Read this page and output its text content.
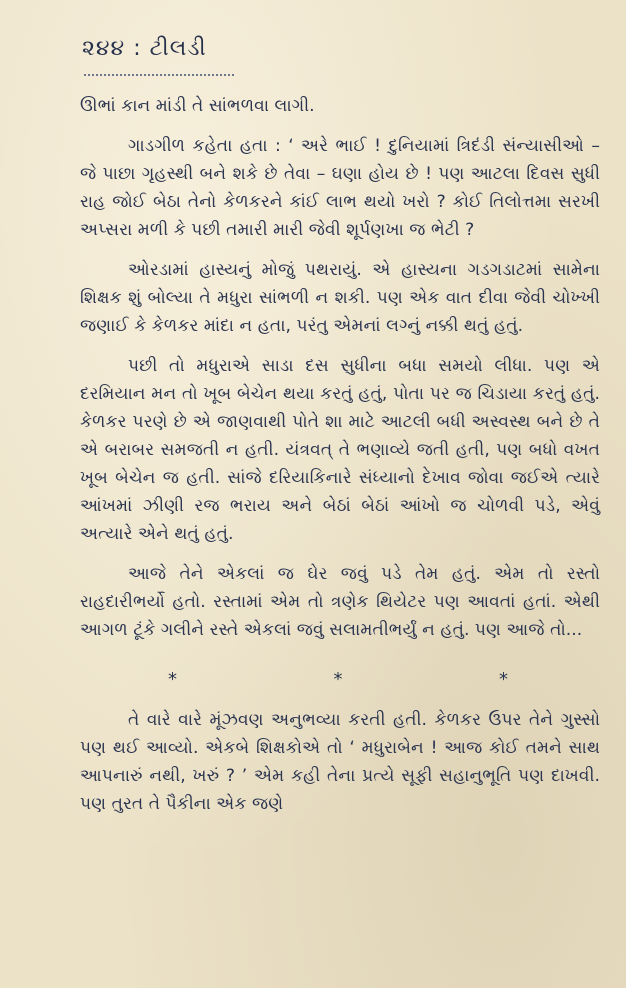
૨૪૪ : ટીલડી

ઊભાં કાન માંડી તે સાંભળવા લાગી.

ગાડગીળ કહેતા હતા : ‘ અરે ભાઈ ! દુનિયામાં ત્રિદંડી સંન્યાસીઓ – જે પાછા ગૃહસ્થી બને શકે છે તેવા – ઘણા હોય છે ! પણ આટલા દિવસ સુધી રાહ જોઈ બેઠા તેનો કેળકરને કાંઈ લાભ થયો ખરો ? કોઈ તિલોત્તમા સરખી અપ્સરા મળી કે પછી તમારી મારી જેવી શૂર્પણખા જ ભેટી ?

ઓરડામાં હાસ્યનું મોજું પથરાયું. એ હાસ્યના ગડગડાટમાં સામેના શિક્ષક શું બોલ્યા તે મધુરા સાંભળી ન શકી. પણ એક વાત દીવા જેવી ચોખ્ખી જણાઈ કે કેળકર માંદા ન હતા, પરંતુ એમનાં લગ્નું નક્કી થતું હતું.

પછી તો મધુરાએ સાડા દસ સુધીના બધા સમયો લીધા. પણ એ દરમિયાન મન તો ખૂબ બેચેન થયા કરતું હતું, પોતા પર જ ચિડાયા કરતું હતું. કેળકર પરણે છે એ જાણવાથી પોતે શા માટે આટલી બધી અસ્વસ્થ બને છે તે એ બરાબર સમજતી ન હતી. યંત્રવત્ તે ભણાવ્યે જતી હતી, પણ બધો વખત ખૂબ બેચેન જ હતી. સાંજે દરિયાકિનારે સંધ્યાનો દેખાવ જોવા જઈએ ત્યારે આંખમાં ઝીણી રજ ભરાય અને બેઠાં બેઠાં આંખો જ ચોળવી પડે, એવું અત્યારે એને થતું હતું.

આજે તેને એકલાં જ ઘેર જવું પડે તેમ હતું. એમ તો રસ્તો રાહદારીભર્યો હતો. રસ્તામાં એમ તો ત્રણેક થિયેટર પણ આવતાં હતાં. એથી આગળ ટૂંકે ગલીને રસ્તે એકલાં જવું સલામતીભર્યું ન હતું. પણ આજે તો...

*	*	*

તે વારે વારે મૂંઝવણ અનુભવ્યા કરતી હતી. કેળકર ઉપર તેને ગુસ્સો પણ થઈ આવ્યો. એકબે શિક્ષકોએ તો ‘ મધુરાબેન ! આજ કોઈ તમને સાથ આપનારું નથી, ખરું ? ’ એમ કહી તેના પ્રત્યે સૂફી સહાનુભૂતિ પણ દાખવી. પણ તુરત તે પૈકીના એક જણે
